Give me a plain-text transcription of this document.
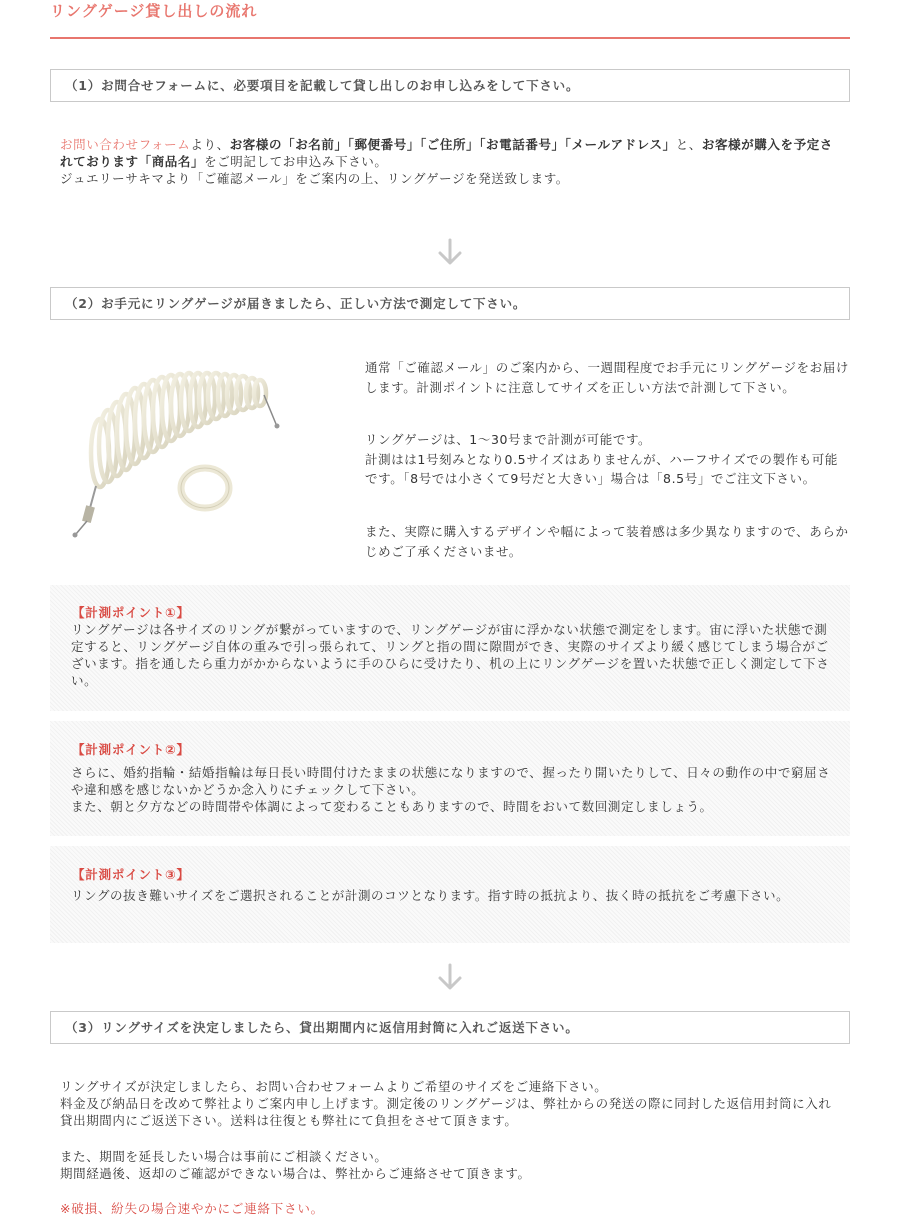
リングゲージ貸し出しの流れ
（1）お問合せフォームに、必要項目を記載して貸し出しのお申し込みをして下さい。
お問い合わせフォームより、お客様の「お名前」「郵便番号」「ご住所」「お電話番号」「メールアドレス」と、お客様が購入を予定されております「商品名」をご明記してお申込み下さい。
ジュエリーサキマより「ご確認メール」をご案内の上、リングゲージを発送致します。
（2）お手元にリングゲージが届きましたら、正しい方法で測定して下さい。
通常「ご確認メール」のご案内から、一週間程度でお手元にリングゲージをお届けします。計測ポイントに注意してサイズを正しい方法で計測して下さい。
リングゲージは、1～30号まで計測が可能です。
計測はは1号刻みとなり0.5サイズはありませんが、ハーフサイズでの製作も可能です。「8号では小さくて9号だと大きい」場合は「8.5号」でご注文下さい。
また、実際に購入するデザインや幅によって装着感は多少異なりますので、あらかじめご了承くださいませ。
【計測ポイント①】
リングゲージは各サイズのリングが繋がっていますので、リングゲージが宙に浮かない状態で測定をします。宙に浮いた状態で測定すると、リングゲージ自体の重みで引っ張られて、リングと指の間に隙間ができ、実際のサイズより緩く感じてしまう場合がございます。指を通したら重力がかからないように手のひらに受けたり、机の上にリングゲージを置いた状態で正しく測定して下さい。
【計測ポイント②】
さらに、婚約指輪・結婚指輪は毎日長い時間付けたままの状態になりますので、握ったり開いたりして、日々の動作の中で窮屈さや違和感を感じないかどうか念入りにチェックして下さい。
また、朝と夕方などの時間帯や体調によって変わることもありますので、時間をおいて数回測定しましょう。
【計測ポイント③】
リングの抜き難いサイズをご選択されることが計測のコツとなります。指す時の抵抗より、抜く時の抵抗をご考慮下さい。
（3）リングサイズを決定しましたら、貸出期間内に返信用封筒に入れご返送下さい。
リングサイズが決定しましたら、お問い合わせフォームよりご希望のサイズをご連絡下さい。
料金及び納品日を改めて弊社よりご案内申し上げます。測定後のリングゲージは、弊社からの発送の際に同封した返信用封筒に入れ貸出期間内にご返送下さい。送料は往復とも弊社にて負担をさせて頂きます。
また、期間を延長したい場合は事前にご相談ください。
期間経過後、返却のご確認ができない場合は、弊社からご連絡させて頂きます。
※破損、紛失の場合速やかにご連絡下さい。
